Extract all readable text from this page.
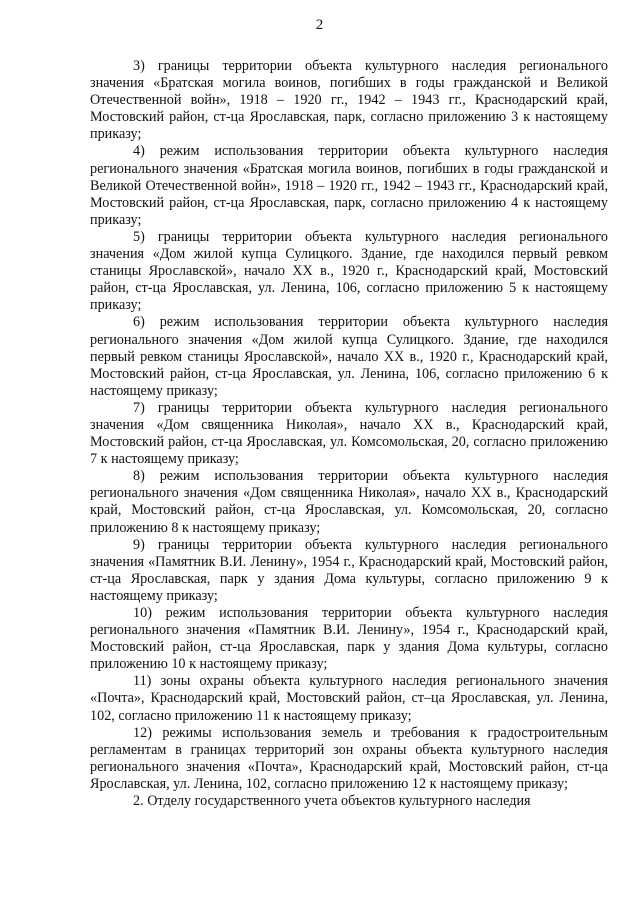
2

3) границы территории объекта культурного наследия регионального значения «Братская могила воинов, погибших в годы гражданской и Великой Отечественной войн», 1918 – 1920 гг., 1942 – 1943 гг., Краснодарский край, Мостовский район, ст-ца Ярославская, парк, согласно приложению 3 к настоящему приказу;

4) режим использования территории объекта культурного наследия регионального значения «Братская могила воинов, погибших в годы гражданской и Великой Отечественной войн», 1918 – 1920 гг., 1942 – 1943 гг., Краснодарский край, Мостовский район, ст-ца Ярославская, парк, согласно приложению 4 к настоящему приказу;

5) границы территории объекта культурного наследия регионального значения «Дом жилой купца Сулицкого. Здание, где находился первый ревком станицы Ярославской», начало XX в., 1920 г., Краснодарский край, Мостовский район, ст-ца Ярославская, ул. Ленина, 106, согласно приложению 5 к настоящему приказу;

6) режим использования территории объекта культурного наследия регионального значения «Дом жилой купца Сулицкого. Здание, где находился первый ревком станицы Ярославской», начало XX в., 1920 г., Краснодарский край, Мостовский район, ст-ца Ярославская, ул. Ленина, 106, согласно приложению 6 к настоящему приказу;

7) границы территории объекта культурного наследия регионального значения «Дом священника Николая», начало XX в., Краснодарский край, Мостовский район, ст-ца Ярославская, ул. Комсомольская, 20, согласно приложению 7 к настоящему приказу;

8) режим использования территории объекта культурного наследия регионального значения «Дом священника Николая», начало XX в., Краснодарский край, Мостовский район, ст-ца Ярославская, ул. Комсомольская, 20, согласно приложению 8 к настоящему приказу;

9) границы территории объекта культурного наследия регионального значения «Памятник В.И. Ленину», 1954 г., Краснодарский край, Мостовский район, ст-ца Ярославская, парк у здания Дома культуры, согласно приложению 9 к настоящему приказу;

10) режим использования территории объекта культурного наследия регионального значения «Памятник В.И. Ленину», 1954 г., Краснодарский край, Мостовский район, ст-ца Ярославская, парк у здания Дома культуры, согласно приложению 10 к настоящему приказу;

11) зоны охраны объекта культурного наследия регионального значения «Почта», Краснодарский край, Мостовский район, ст–ца Ярославская, ул. Ленина, 102, согласно приложению 11 к настоящему приказу;

12) режимы использования земель и требования к градостроительным регламентам в границах территорий зон охраны объекта культурного наследия регионального значения «Почта», Краснодарский край, Мостовский район, ст-ца Ярославская, ул. Ленина, 102, согласно приложению 12 к настоящему приказу;

2. Отделу государственного учета объектов культурного наследия
